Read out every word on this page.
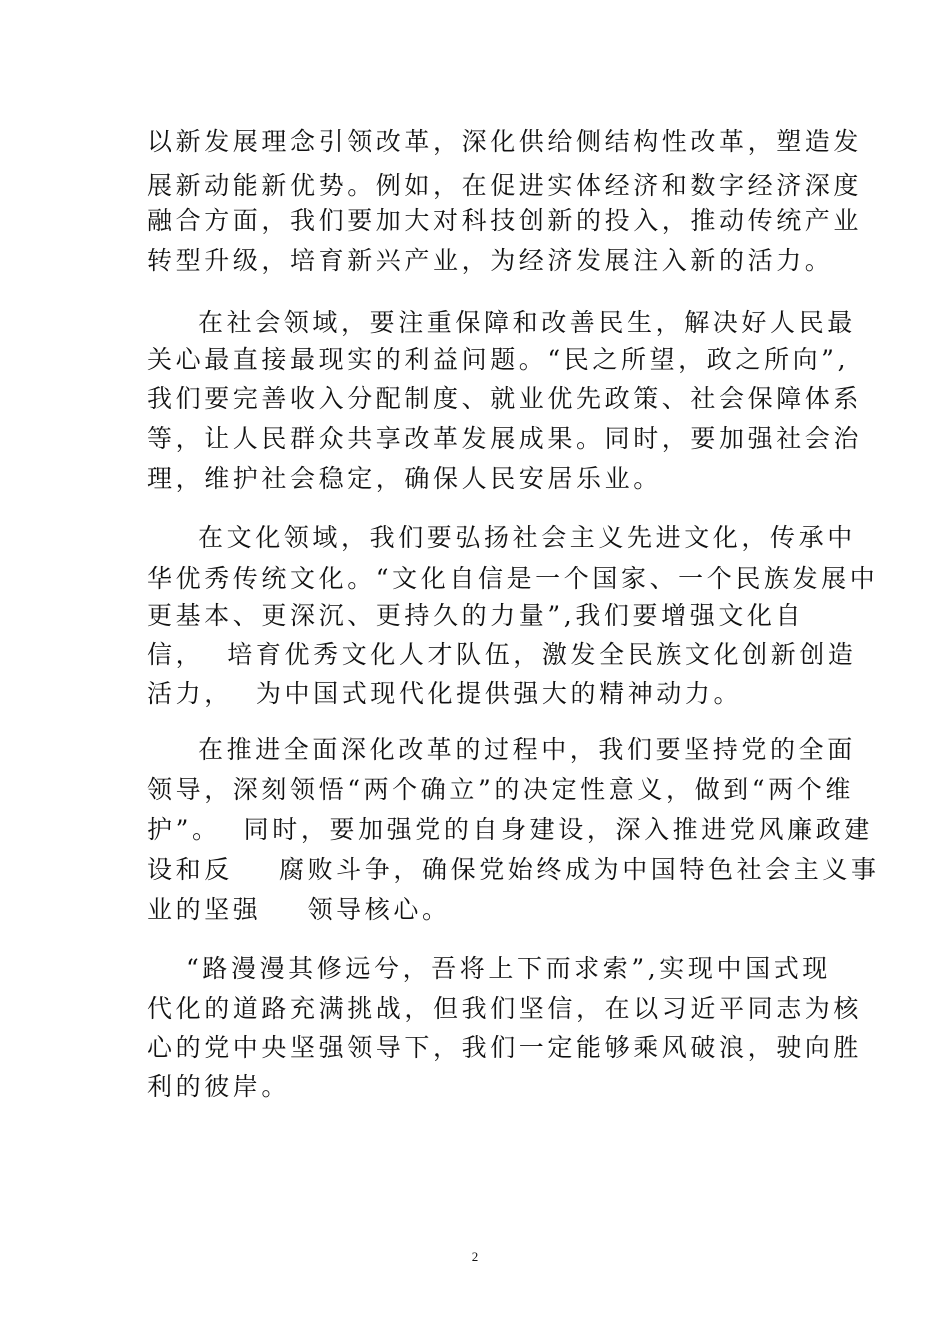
以新发展理念引领改革，深化供给侧结构性改革，塑造发
展新动能新优势。例如，在促进实体经济和数字经济深度
融合方面，我们要加大对科技创新的投入，推动传统产业
转型升级，培育新兴产业，为经济发展注入新的活力。
在社会领域，要注重保障和改善民生，解决好人民最
关心最直接最现实的利益问题。“民之所望，政之所向”,
我们要完善收入分配制度、就业优先政策、社会保障体系
等，让人民群众共享改革发展成果。同时，要加强社会治
理，维护社会稳定，确保人民安居乐业。
在文化领域，我们要弘扬社会主义先进文化，传承中
华优秀传统文化。“文化自信是一个国家、一个民族发展中
更基本、更深沉、更持久的力量”,我们要增强文化自
信，  培育优秀文化人才队伍，激发全民族文化创新创造
活力，  为中国式现代化提供强大的精神动力。
在推进全面深化改革的过程中，我们要坚持党的全面
领导，深刻领悟“两个确立”的决定性意义，做到“两个维
护”。  同时，要加强党的自身建设，深入推进党风廉政建
设和反    腐败斗争，确保党始终成为中国特色社会主义事
业的坚强    领导核心。
“路漫漫其修远兮，吾将上下而求索”,实现中国式现
代化的道路充满挑战，但我们坚信，在以习近平同志为核
心的党中央坚强领导下，我们一定能够乘风破浪，驶向胜
利的彼岸。
2
